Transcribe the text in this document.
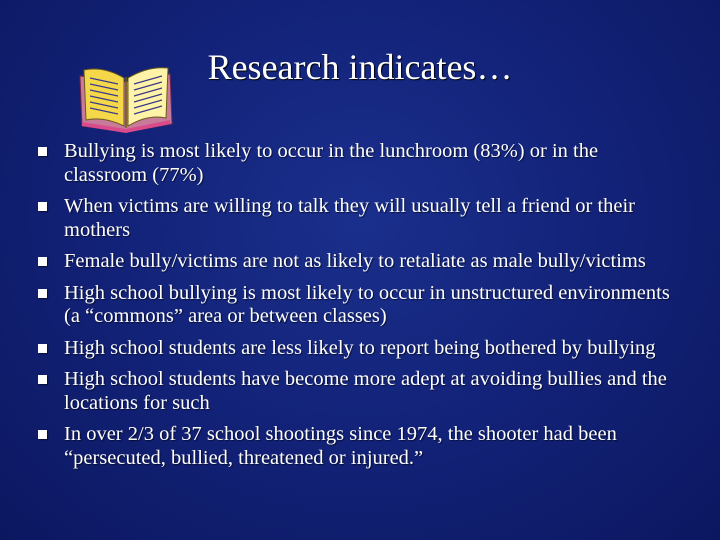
Research indicates…
Bullying is most likely to occur in the lunchroom (83%) or in the classroom (77%)
When victims are willing to talk they will usually tell a friend or their mothers
Female bully/victims are not as likely to retaliate as male bully/victims
High school bullying is most likely to occur in unstructured environments (a “commons” area or between classes)
High school students are less likely to report being bothered by bullying
High school students have become more adept at avoiding bullies and the locations for such
In over 2/3 of 37 school shootings since 1974, the shooter had been “persecuted, bullied, threatened or injured.”
